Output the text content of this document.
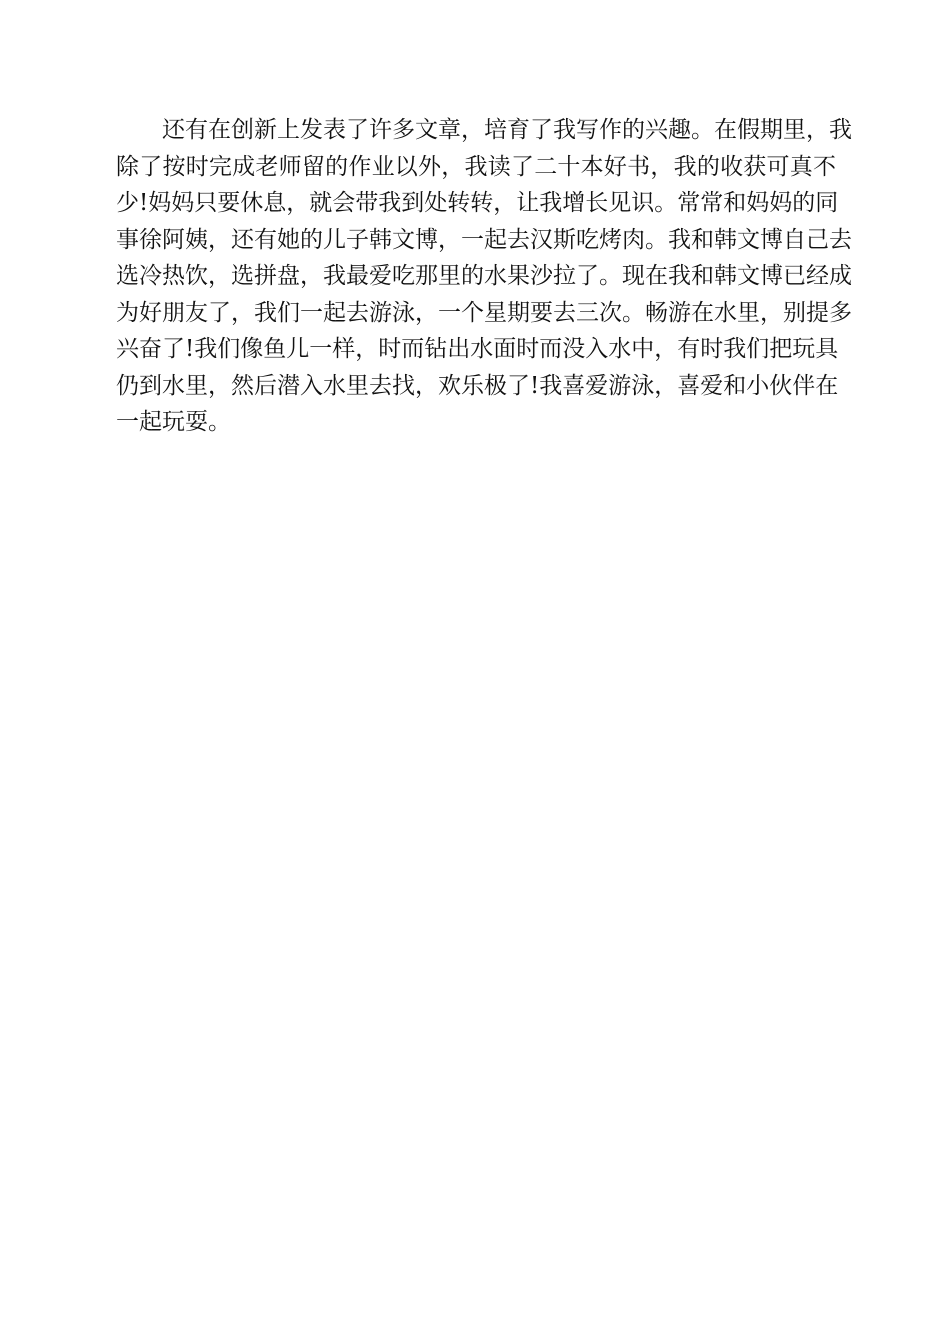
还有在创新上发表了许多文章，培育了我写作的兴趣。在假期里，我
除了按时完成老师留的作业以外，我读了二十本好书，我的收获可真不
少!妈妈只要休息，就会带我到处转转，让我增长见识。常常和妈妈的同
事徐阿姨，还有她的儿子韩文博，一起去汉斯吃烤肉。我和韩文博自己去
选冷热饮，选拼盘，我最爱吃那里的水果沙拉了。现在我和韩文博已经成
为好朋友了，我们一起去游泳，一个星期要去三次。畅游在水里，别提多
兴奋了!我们像鱼儿一样，时而钻出水面时而没入水中，有时我们把玩具
仍到水里，然后潜入水里去找，欢乐极了!我喜爱游泳，喜爱和小伙伴在
一起玩耍。
